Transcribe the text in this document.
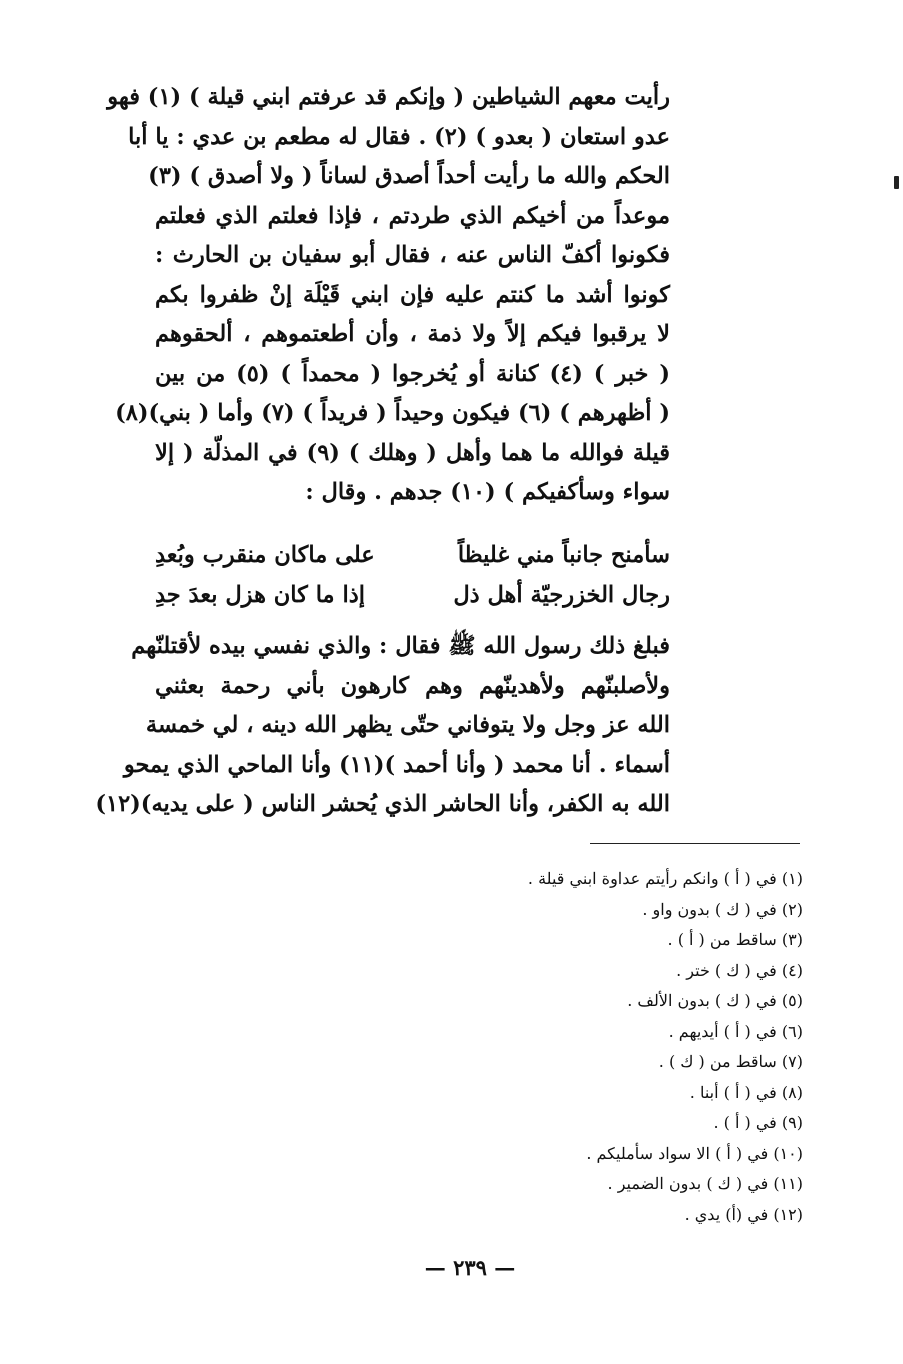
رأيت معهم الشياطين ( وإنكم قد عرفتم ابني قيلة ) (١) فهو
عدو استعان ( بعدو ) (٢) . فقال له مطعم بن عدي : يا أبا
الحكم والله ما رأيت أحداً أصدق لساناً ( ولا أصدق ) (٣)
موعداً من أخيكم الذي طردتم ، فإذا فعلتم الذي فعلتم
فكونوا أكفّ الناس عنه ، فقال أبو سفيان بن الحارث :
كونوا أشد ما كنتم عليه فإن ابني قَيْلَة إنْ ظفروا بكم
لا يرقبوا فيكم إلاً ولا ذمة ، وأن أطعتموهم ، ألحقوهم
( خبر ) (٤) كنانة أو يُخرجوا ( محمداً ) (٥) من بين
( أظهرهم ) (٦) فيكون وحيداً ( فريداً ) (٧) وأما ( بني)(٨)
قيلة فوالله ما هما وأهل ( وهلك ) (٩) في المذلّة ( إلا
سواء وسأكفيكم ) (١٠) جدهم . وقال :
سأمنح جانباً مني غليظاً
على ماكان منقرب وبُعدِ
رجال الخزرجيّة أهل ذل
إذا ما كان هزل بعدَ جدِ
فبلغ ذلك رسول الله ﷺ فقال : والذي نفسي بيده لأقتلنّهم
ولأصلبنّهم ولأهدينّهم وهم كارهون بأني رحمة بعثني
الله عز وجل ولا يتوفاني حتّى يظهر الله دينه ، لي خمسة
أسماء . أنا محمد ( وأنا أحمد )(١١) وأنا الماحي الذي يمحو
الله به الكفر، وأنا الحاشر الذي يُحشر الناس ( على يديه)(١٢)
(١) في ( أ ) وانكم رأيتم عداوة ابني قيلة .
(٢) في ( ك ) بدون واو .
(٣) ساقط من ( أ ) .
(٤) في ( ك ) ختر .
(٥) في ( ك ) بدون الألف .
(٦) في ( أ ) أيديهم .
(٧) ساقط من ( ك ) .
(٨) في ( أ ) أبنا .
(٩) في ( أ ) .
(١٠) في ( أ ) الا سواد سأمليكم .
(١١) في ( ك ) بدون الضمير .
(١٢) في (أ) يدي .
— ٢٣٩ —
